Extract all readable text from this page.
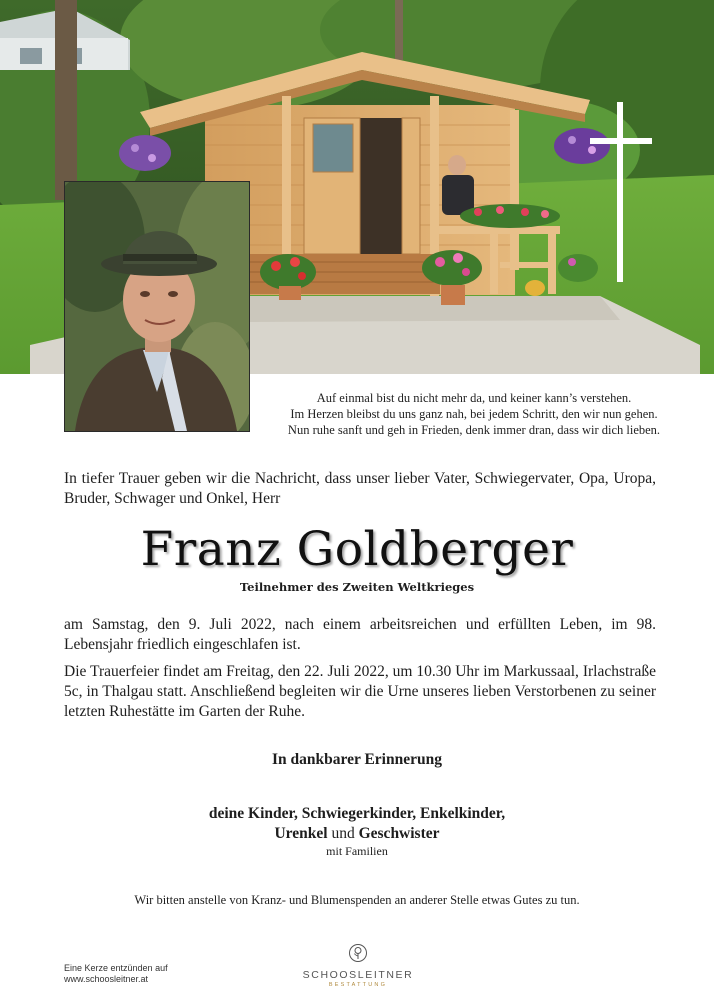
Auf einmal bist du nicht mehr da, und keiner kann’s verstehen.
Im Herzen bleibst du uns ganz nah, bei jedem Schritt, den wir nun gehen.
Nun ruhe sanft und geh in Frieden, denk immer dran, dass wir dich lieben.
In tiefer Trauer geben wir die Nachricht, dass unser lieber Vater, Schwiegervater, Opa, Uropa, Bruder, Schwager und Onkel, Herr
Franz Goldberger
Teilnehmer des Zweiten Weltkrieges
am Samstag, den 9. Juli 2022, nach einem arbeitsreichen und erfüllten Leben, im 98. Lebensjahr friedlich eingeschlafen ist.
Die Trauerfeier findet am Freitag, den 22. Juli 2022, um 10.30 Uhr im Markussaal, Irlachstraße 5c, in Thalgau statt. Anschließend begleiten wir die Urne unseres lieben Verstorbenen zu seiner letzten Ruhestätte im Garten der Ruhe.
In dankbarer Erinnerung
deine Kinder, Schwiegerkinder, Enkelkinder,
Urenkel und Geschwister
mit Familien
Wir bitten anstelle von Kranz- und Blumenspenden an anderer Stelle etwas Gutes zu tun.
Eine Kerze entzünden auf
www.schoosleitner.at	SCHOOSLEITNER
BESTATTUNG
